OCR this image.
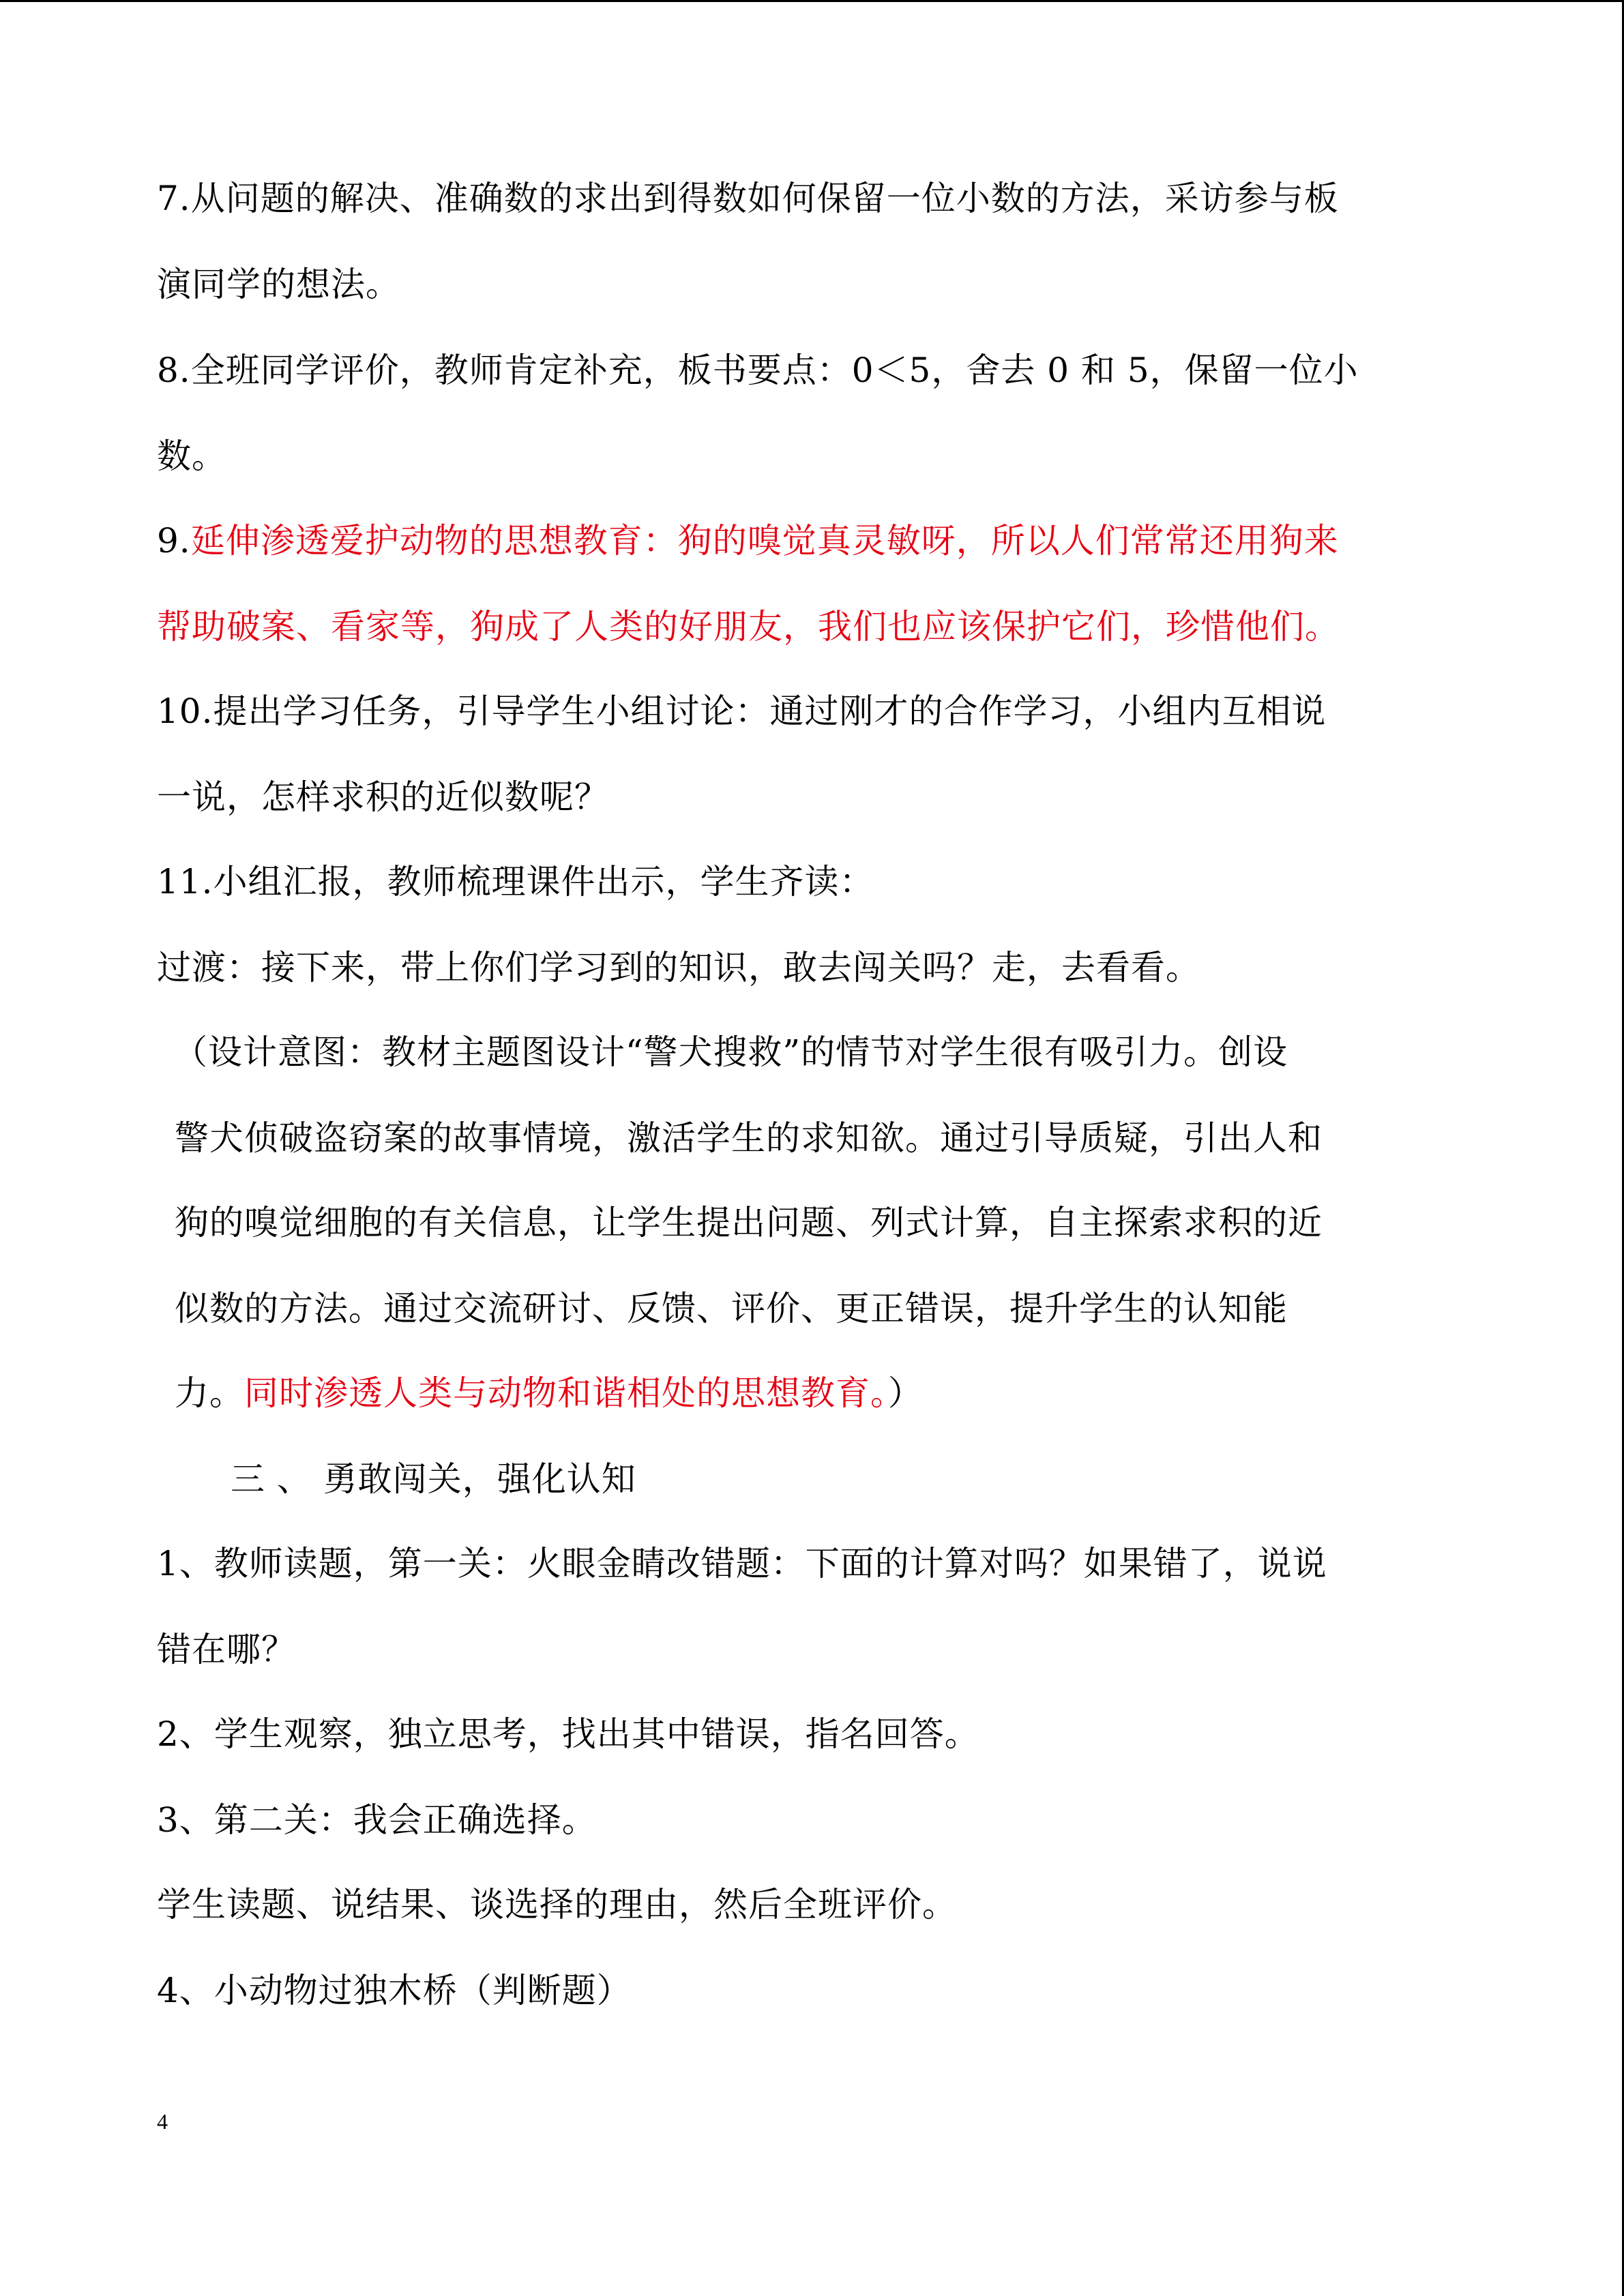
7.从问题的解决、准确数的求出到得数如何保留一位小数的方法，采访参与板
演同学的想法。
8.全班同学评价，教师肯定补充，板书要点：0＜5，舍去 0 和 5，保留一位小
数。
9.延伸渗透爱护动物的思想教育：狗的嗅觉真灵敏呀，所以人们常常还用狗来
帮助破案、看家等，狗成了人类的好朋友，我们也应该保护它们，珍惜他们。
10.提出学习任务，引导学生小组讨论：通过刚才的合作学习，小组内互相说
一说，怎样求积的近似数呢？
11.小组汇报，教师梳理课件出示，学生齐读：
过渡：接下来，带上你们学习到的知识，敢去闯关吗？走，去看看。
（设计意图：教材主题图设计“警犬搜救”的情节对学生很有吸引力。创设
警犬侦破盗窃案的故事情境，激活学生的求知欲。通过引导质疑，引出人和
狗的嗅觉细胞的有关信息，让学生提出问题、列式计算，自主探索求积的近
似数的方法。通过交流研讨、反馈、评价、更正错误，提升学生的认知能
力。同时渗透人类与动物和谐相处的思想教育。）
三 、 勇敢闯关，强化认知
1、教师读题，第一关：火眼金睛改错题：下面的计算对吗？如果错了，说说
错在哪？
2、学生观察，独立思考，找出其中错误，指名回答。
3、第二关：我会正确选择。
学生读题、说结果、谈选择的理由，然后全班评价。
4、小动物过独木桥（判断题）
4
